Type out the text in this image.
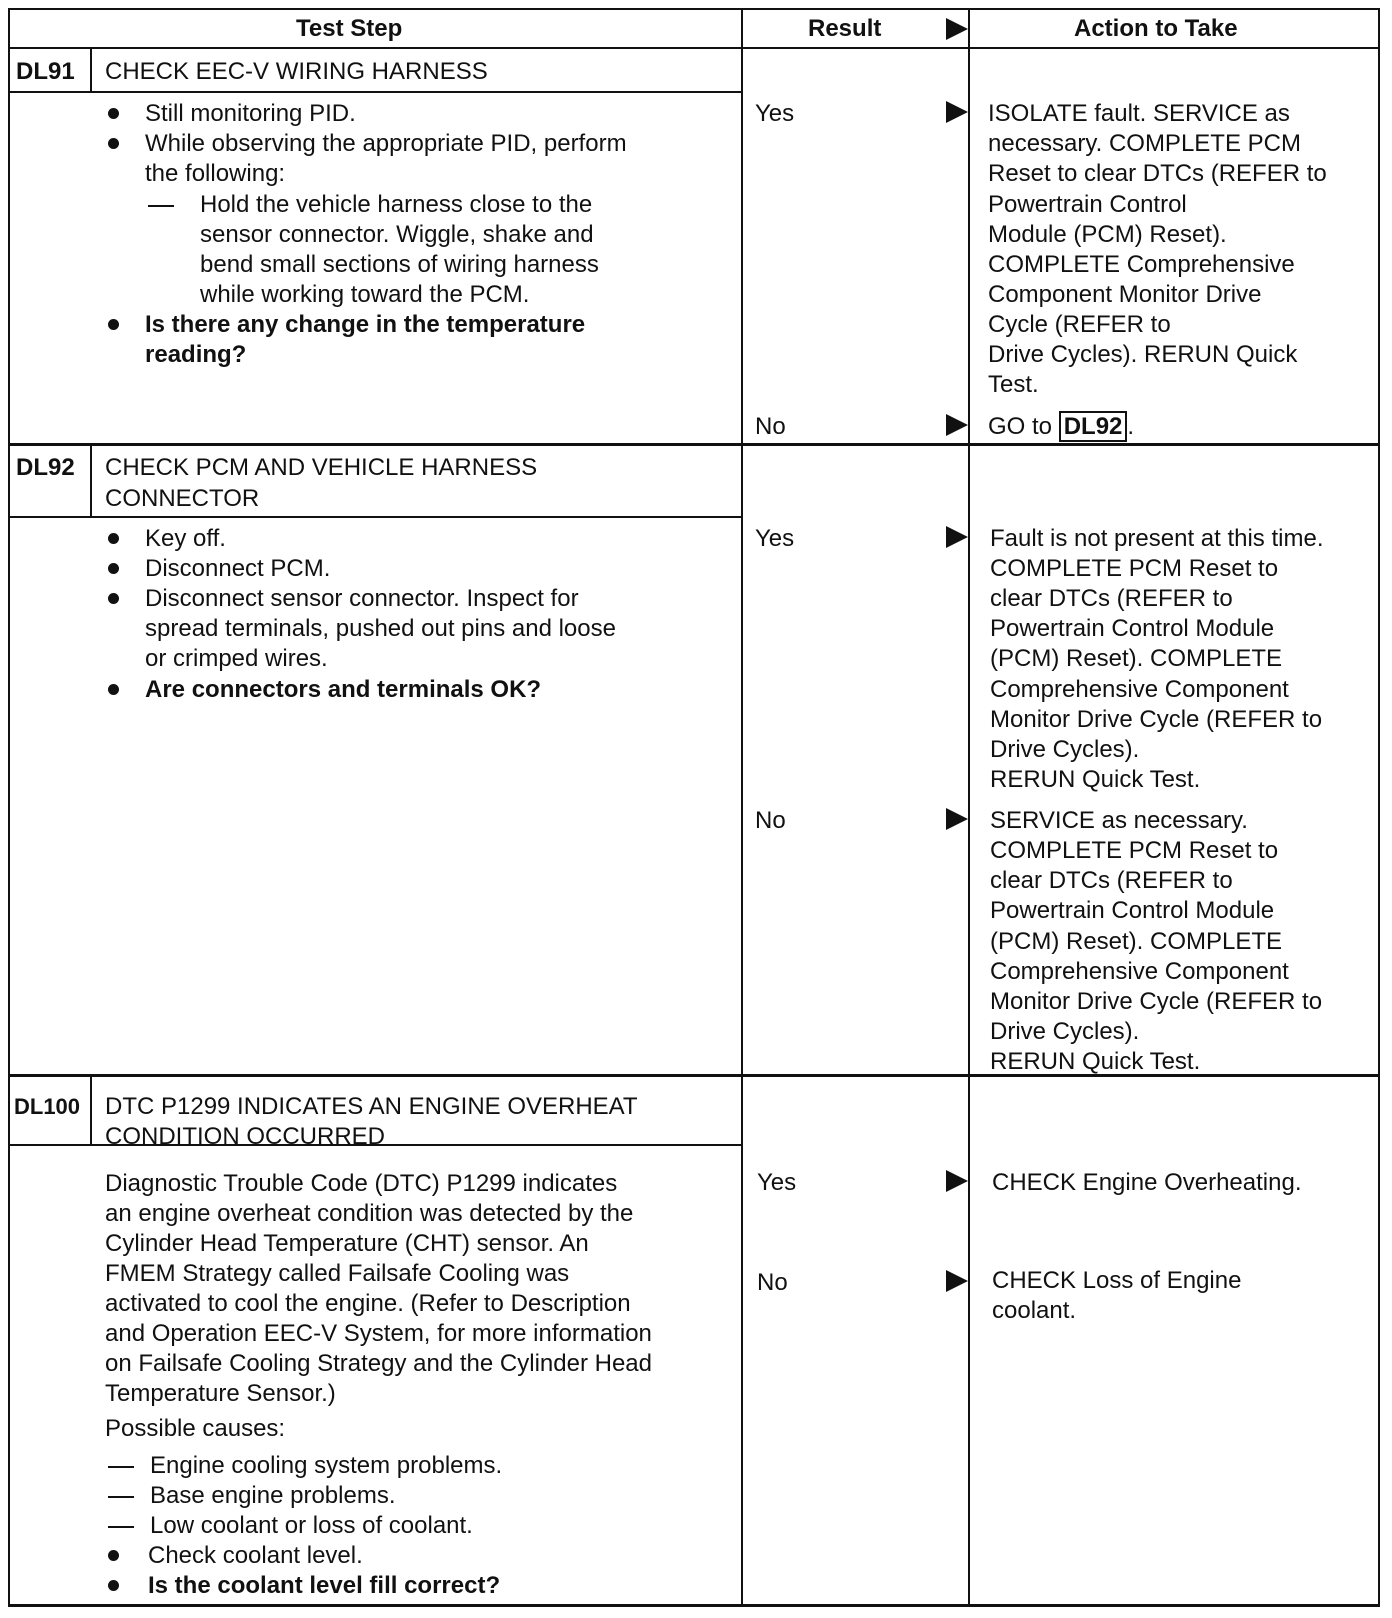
Test Step	Result	Action to Take
DL91 CHECK EEC-V WIRING HARNESS
Still monitoring PID.
While observing the appropriate PID, perform
the following:
Hold the vehicle harness close to the
sensor connector. Wiggle, shake and
bend small sections of wiring harness
while working toward the PCM.
Is there any change in the temperature
reading?
Yes	ISOLATE fault. SERVICE as
necessary. COMPLETE PCM
Reset to clear DTCs (REFER to
Powertrain Control
Module (PCM) Reset).
COMPLETE Comprehensive
Component Monitor Drive
Cycle (REFER to
Drive Cycles). RERUN Quick
Test.
No	GO to DL92 .
DL92 CHECK PCM AND VEHICLE HARNESS
CONNECTOR
Key off.
Disconnect PCM.
Disconnect sensor connector. Inspect for
spread terminals, pushed out pins and loose
or crimped wires.
Are connectors and terminals OK?
Yes	Fault is not present at this time.
COMPLETE PCM Reset to
clear DTCs (REFER to
Powertrain Control Module
(PCM) Reset). COMPLETE
Comprehensive Component
Monitor Drive Cycle (REFER to
Drive Cycles).
RERUN Quick Test.
No	SERVICE as necessary.
COMPLETE PCM Reset to
clear DTCs (REFER to
Powertrain Control Module
(PCM) Reset). COMPLETE
Comprehensive Component
Monitor Drive Cycle (REFER to
Drive Cycles).
RERUN Quick Test.
DL100 DTC P1299 INDICATES AN ENGINE OVERHEAT
CONDITION OCCURRED
Diagnostic Trouble Code (DTC) P1299 indicates
an engine overheat condition was detected by the
Cylinder Head Temperature (CHT) sensor. An
FMEM Strategy called Failsafe Cooling was
activated to cool the engine. (Refer to Description
and Operation EEC-V System, for more information
on Failsafe Cooling Strategy and the Cylinder Head
Temperature Sensor.)
Possible causes:
Engine cooling system problems.
Base engine problems.
Low coolant or loss of coolant.
Check coolant level.
Is the coolant level fill correct?
Yes	CHECK Engine Overheating.
No	CHECK Loss of Engine
coolant.
